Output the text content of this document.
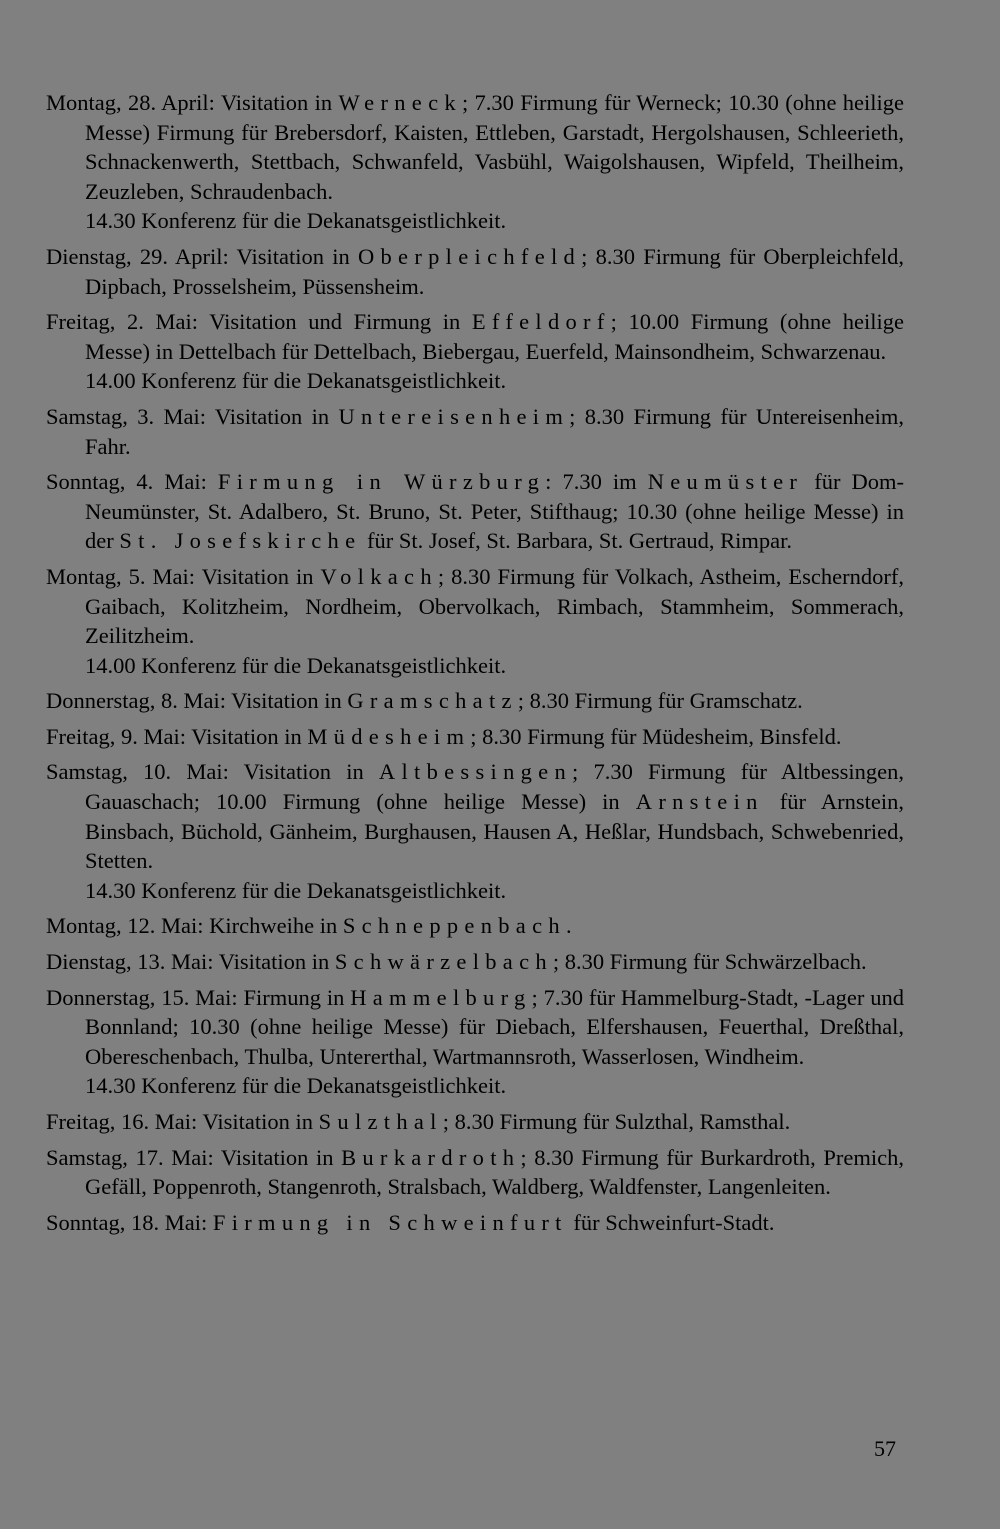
Montag, 28. April: Visitation in Werneck; 7.30 Firmung für Werneck; 10.30 (ohne heilige Messe) Firmung für Brebersdorf, Kaisten, Ettleben, Garstadt, Hergolshausen, Schleerieth, Schnackenwerth, Stettbach, Schwanfeld, Vasbühl, Waigolshausen, Wipfeld, Theilheim, Zeuzleben, Schraudenbach.
14.30 Konferenz für die Dekanatsgeistlichkeit.

Dienstag, 29. April: Visitation in Oberpleichfeld; 8.30 Firmung für Oberpleichfeld, Dipbach, Prosselsheim, Püssensheim.

Freitag, 2. Mai: Visitation und Firmung in Effeldorf; 10.00 Firmung (ohne heilige Messe) in Dettelbach für Dettelbach, Biebergau, Euerfeld, Mainsondheim, Schwarzenau.
14.00 Konferenz für die Dekanatsgeistlichkeit.

Samstag, 3. Mai: Visitation in Untereisenheim; 8.30 Firmung für Untereisenheim, Fahr.

Sonntag, 4. Mai: Firmung in Würzburg: 7.30 im Neumüster für Dom-Neumünster, St. Adalbero, St. Bruno, St. Peter, Stifthaug; 10.30 (ohne heilige Messe) in der St. Josefskirche für St. Josef, St. Barbara, St. Gertraud, Rimpar.

Montag, 5. Mai: Visitation in Volkach; 8.30 Firmung für Volkach, Astheim, Escherndorf, Gaibach, Kolitzheim, Nordheim, Obervolkach, Rimbach, Stammheim, Sommerach, Zeilitzheim.
14.00 Konferenz für die Dekanatsgeistlichkeit.

Donnerstag, 8. Mai: Visitation in Gramschatz; 8.30 Firmung für Gramschatz.

Freitag, 9. Mai: Visitation in Müdesheim; 8.30 Firmung für Müdesheim, Binsfeld.

Samstag, 10. Mai: Visitation in Altbessingen; 7.30 Firmung für Altbessingen, Gauaschach; 10.00 Firmung (ohne heilige Messe) in Arnstein für Arnstein, Binsbach, Büchold, Gänheim, Burghausen, Hausen A, Heßlar, Hundsbach, Schwebenried, Stetten.
14.30 Konferenz für die Dekanatsgeistlichkeit.

Montag, 12. Mai: Kirchweihe in Schneppenbach.

Dienstag, 13. Mai: Visitation in Schwärzelbach; 8.30 Firmung für Schwärzelbach.

Donnerstag, 15. Mai: Firmung in Hammelburg; 7.30 für Hammelburg-Stadt, -Lager und Bonnland; 10.30 (ohne heilige Messe) für Diebach, Elfershausen, Feuerthal, Dreßthal, Obereschenbach, Thulba, Untererthal, Wartmannsroth, Wasserlosen, Windheim.
14.30 Konferenz für die Dekanatsgeistlichkeit.

Freitag, 16. Mai: Visitation in Sulzthal; 8.30 Firmung für Sulzthal, Ramsthal.

Samstag, 17. Mai: Visitation in Burkardroth; 8.30 Firmung für Burkardroth, Premich, Gefäll, Poppenroth, Stangenroth, Stralsbach, Waldberg, Waldfenster, Langenleiten.

Sonntag, 18. Mai: Firmung in Schweinfurt für Schweinfurt-Stadt.

57
